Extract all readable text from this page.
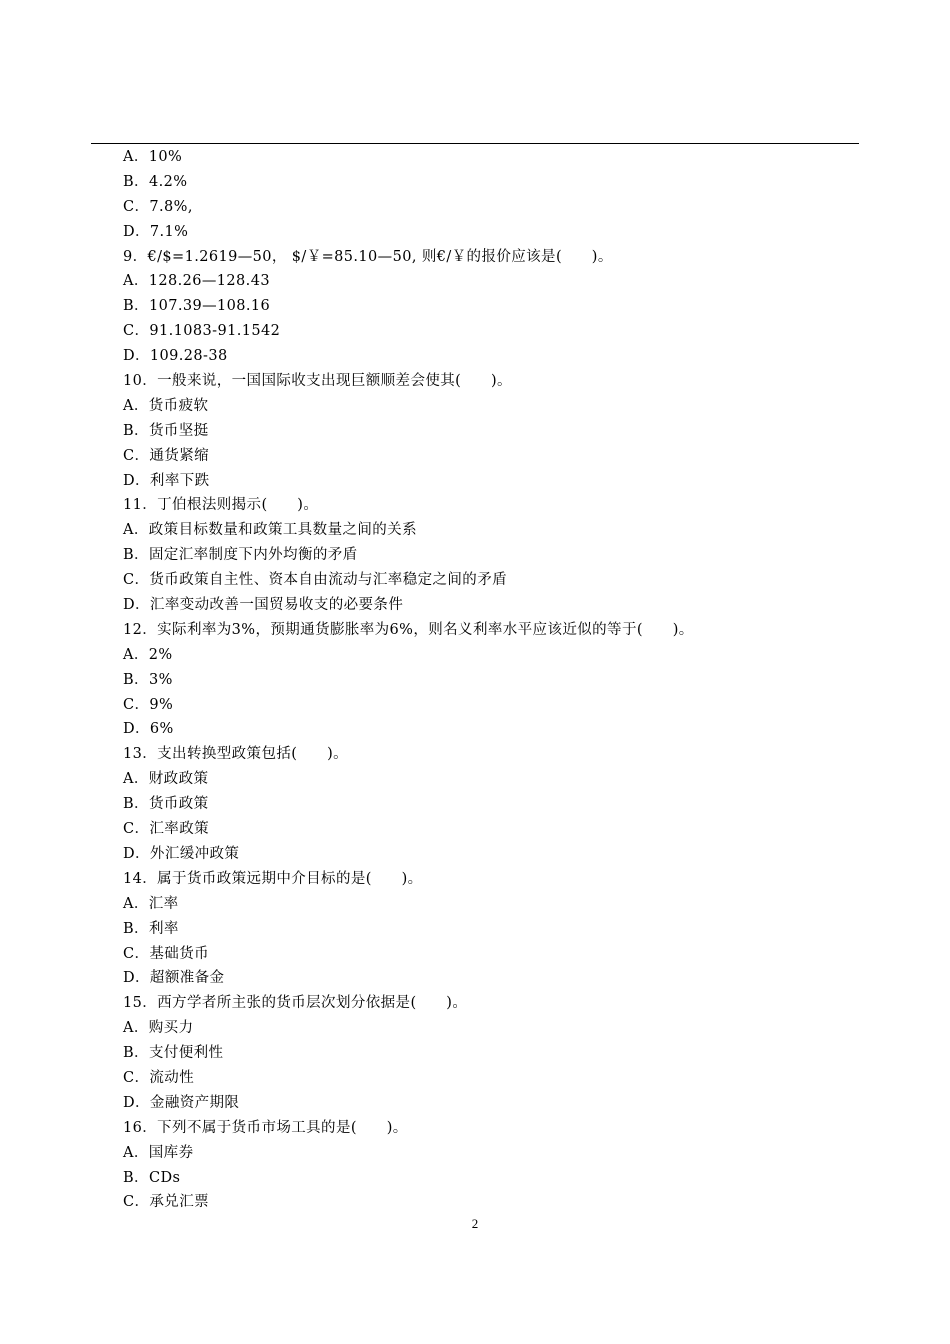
A．10%
B．4.2%
C．7.8%,
D．7.1%
9．€/$=1.2619—50， $/￥=85.10—50, 则€/￥的报价应该是(　　)。
A．128.26—128.43
B．107.39—108.16
C．91.1083-91.1542
D．109.28-38
10．一般来说，一国国际收支出现巨额顺差会使其(　　)。
A．货币疲软
B．货币坚挺
C．通货紧缩
D．利率下跌
11．丁伯根法则揭示(　　)。
A．政策目标数量和政策工具数量之间的关系
B．固定汇率制度下内外均衡的矛盾
C．货币政策自主性、资本自由流动与汇率稳定之间的矛盾
D．汇率变动改善一国贸易收支的必要条件
12．实际利率为3%，预期通货膨胀率为6%，则名义利率水平应该近似的等于(　　)。
A．2%
B．3%
C．9%
D．6%
13．支出转换型政策包括(　　)。
A．财政政策
B．货币政策
C．汇率政策
D．外汇缓冲政策
14．属于货币政策远期中介目标的是(　　)。
A．汇率
B．利率
C．基础货币
D．超额准备金
15．西方学者所主张的货币层次划分依据是(　　)。
A．购买力
B．支付便利性
C．流动性
D．金融资产期限
16．下列不属于货币市场工具的是(　　)。
A．国库券
B．CDs
C．承兑汇票
2
